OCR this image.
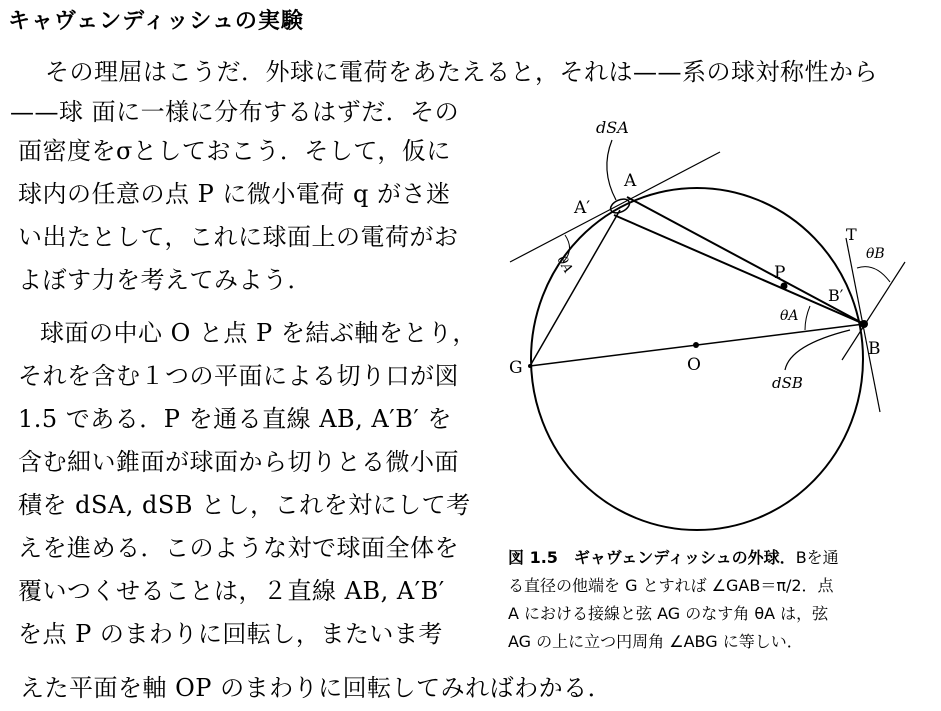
キャヴェンディッシュの実験
その理屈はこうだ．外球に電荷をあたえると，それは——系の球対称性から
——球 面に一様に分布するはずだ．その
面密度をσとしておこう．そして，仮に
球内の任意の点 P に微小電荷 q がさ迷
い出たとして，これに球面上の電荷がお
よぼす力を考えてみよう．
球面の中心 O と点 P を結ぶ軸をとり，
それを含む１つの平面による切り口が図
1.5 である．P を通る直線 AB, A′B′ を
含む細い錐面が球面から切りとる微小面
積を dSA, dSB とし，これを対にして考
えを進める．このような対で球面全体を
覆いつくせることは，２直線 AB, A′B′
を点 P のまわりに回転し，またいま考
えた平面を軸 OP のまわりに回転してみればわかる．
dSA
A
A′
θA
T
θB
P
B′
θA
G	O
B
dSB
図 1.5　ギャヴェンディッシュの外球．Bを通
る直径の他端を G とすれば ∠GAB＝π/2．点
A における接線と弦 AG のなす角 θA は，弦
AG の上に立つ円周角 ∠ABG に等しい．
